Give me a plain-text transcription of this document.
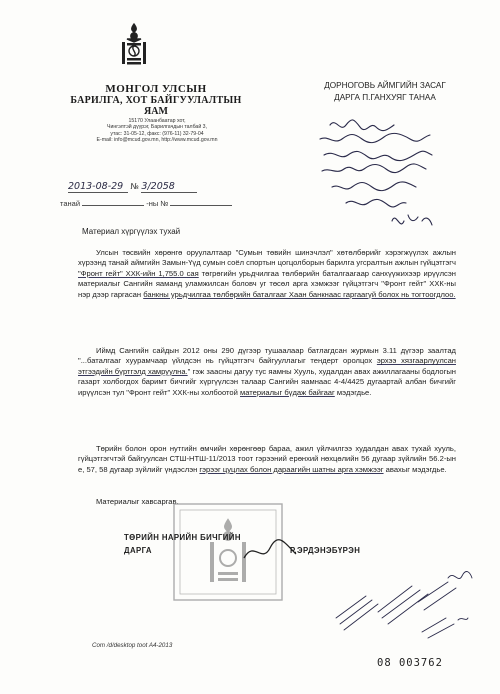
МОНГОЛ УЛСЫН
БАРИЛГА, ХОТ БАЙГУУЛАЛТЫН
ЯАМ
15170 Улаанбаатар хот,
Чингэлтэй дүүрэг, Барилгачдын талбай 3,
утас: 31-05-12, факс: (976-11) 32-79-04
E-mail: info@mcud.gov.mn, http://www.mcud.gov.mn
2013-08-29 № 3/2058
танай	-ны №
ДОРНОГОВЬ АЙМГИЙН ЗАСАГ
ДАРГА П.ГАНХУЯГ ТАНАА
Материал хүргүүлэх тухай
Улсын төсвийн хөрөнгө оруулалтаар "Сумын төвийн шинэчлэл" хөтөлбөрийг хэрэгжүүлэх ажлын хүрээнд танай аймгийн Замын-Үүд сумын соёл спортын цогцолборын барилга угсралтын ажлын гүйцэтгэгч "Фронт гейт" ХХК-ийн 1,755.0 сая төгрөгийн урьдчилгаа төлбөрийн баталгаагаар санхүүжихээр ирүүлсэн материалыг Сангийн яаманд уламжилсан боловч уг төсөл арга хэмжээг гүйцэтгэгч "Фронт гейт" ХХК-ны нэр дээр гаргасан банкны урьдчилгаа төлбөрийн баталгааг Хаан банкнаас гаргаагүй болох нь тогтоогдлоо.
Иймд Сангийн сайдын 2012 оны 290 дүгээр тушаалаар батлагдсан журмын 3.11 дүгээр заалтад "...баталгааг хуурамчаар үйлдсэн нь гүйцэтгэгч байгууллагыг тендерт оролцох эрхээ хязгаарлуулсан этгээдийн бүртгэлд хамруулна." гэж заасны дагуу тус яамны Хууль, худалдан авах ажиллагааны бодлогын газарт холбогдох баримт бичгийг хүргүүлсэн талаар Сангийн яамнаас 4-4/4425 дугаартай албан бичгийг ирүүлсэн тул "Фронт гейт" ХХК-ны холбоотой материалыг бүдаж байгааг мэдэгдье.
Төрийн болон орон нутгийн өмчийн хөрөнгөөр бараа, ажил үйлчилгээ худалдан авах тухай хууль, гүйцэтгэгчтэй байгуулсан СТШ-НТШ-11/2013 тоот гэрээний ерөнхий нөхцөлийн 56 дугаар зүйлийн 56.2-ын е, 57, 58 дугаар зүйлийг үндэслэн гэрээг цуцлах болон дараагийн шатны арга хэмжээг авахыг мэдэгдье.
Материалыг хавсаргав.
ТӨРИЙН НАРИЙН БИЧГИЙН
ДАРГА	Р.ЭРДЭНЭБҮРЭН
Com /d/desktop toot A4-2013
08 003762
